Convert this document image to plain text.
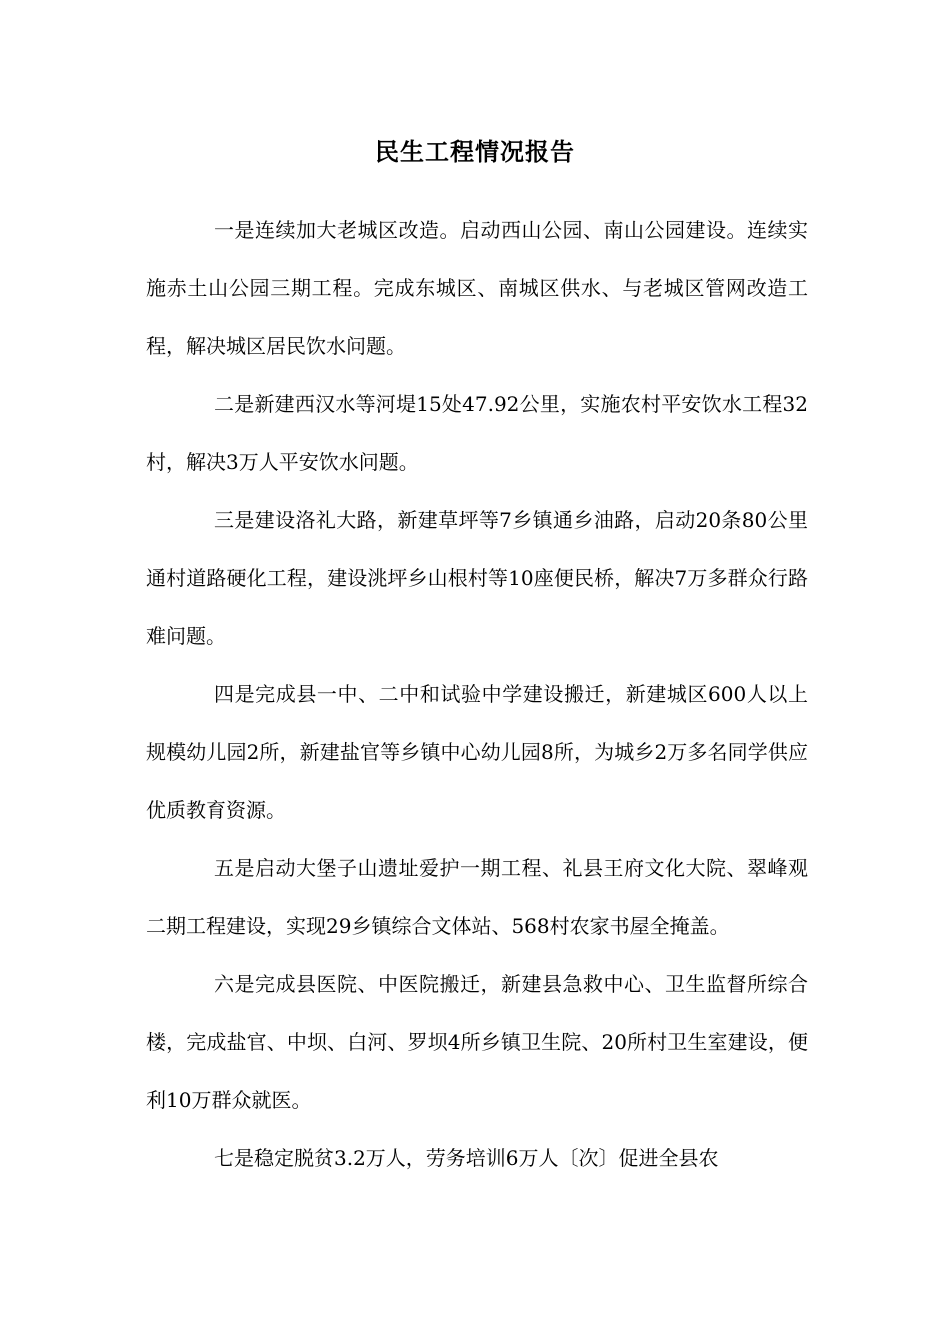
民生工程情况报告

一是连续加大老城区改造。启动西山公园、南山公园建设。连续实施赤土山公园三期工程。完成东城区、南城区供水、与老城区管网改造工程，解决城区居民饮水问题。

二是新建西汉水等河堤15处47.92公里，实施农村平安饮水工程32村，解决3万人平安饮水问题。

三是建设洛礼大路，新建草坪等7乡镇通乡油路，启动20条80公里通村道路硬化工程，建设洮坪乡山根村等10座便民桥，解决7万多群众行路难问题。

四是完成县一中、二中和试验中学建设搬迁，新建城区600人以上规模幼儿园2所，新建盐官等乡镇中心幼儿园8所，为城乡2万多名同学供应优质教育资源。

五是启动大堡子山遗址爱护一期工程、礼县王府文化大院、翠峰观二期工程建设，实现29乡镇综合文体站、568村农家书屋全掩盖。

六是完成县医院、中医院搬迁，新建县急救中心、卫生监督所综合楼，完成盐官、中坝、白河、罗坝4所乡镇卫生院、20所村卫生室建设，便利10万群众就医。

七是稳定脱贫3.2万人，劳务培训6万人〔次〕促进全县农
